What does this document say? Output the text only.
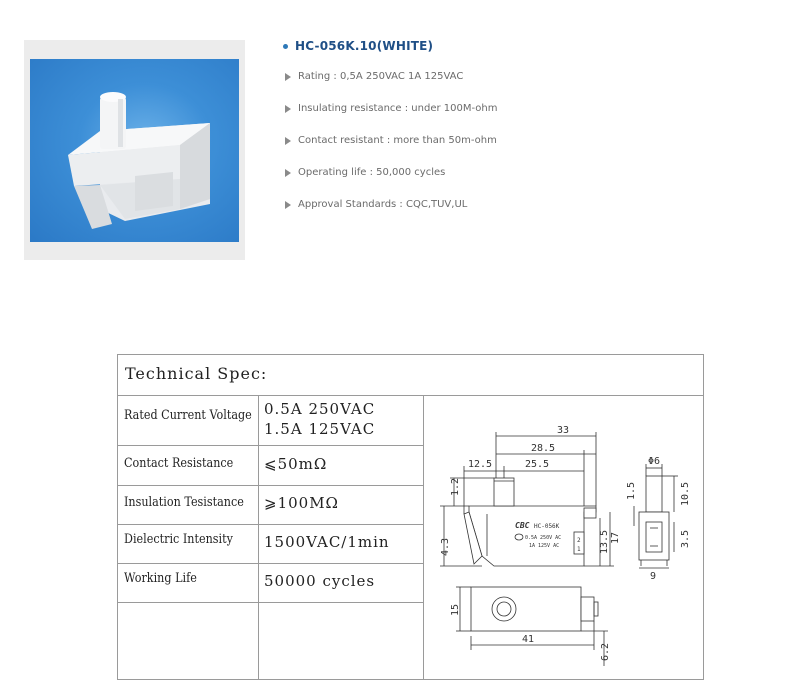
HC-056K.10(WHITE)
Rating : 0,5A 250VAC 1A 125VAC
Insulating resistance : under 100M-ohm
Contact resistant : more than 50m-ohm
Operating life : 50,000 cycles
Approval Standards : CQC,TUV,UL
Technical Spec:
Rated Current Voltage 0.5A 250VAC
1.5A 125VAC
Contact Resistance ⩽50mΩ
Insulation Tesistance ⩾100MΩ
Dielectric Intensity 1500VAC/1min
Working Life	50000 cycles
CBC HC-056K
0.5A 250V AC
1A 125V AC
2
1
33
28.5
12.5	25.5
1.2
4.3	13.5 17
Φ6
1.5	10.5
3.5
9
15
41
6.2
